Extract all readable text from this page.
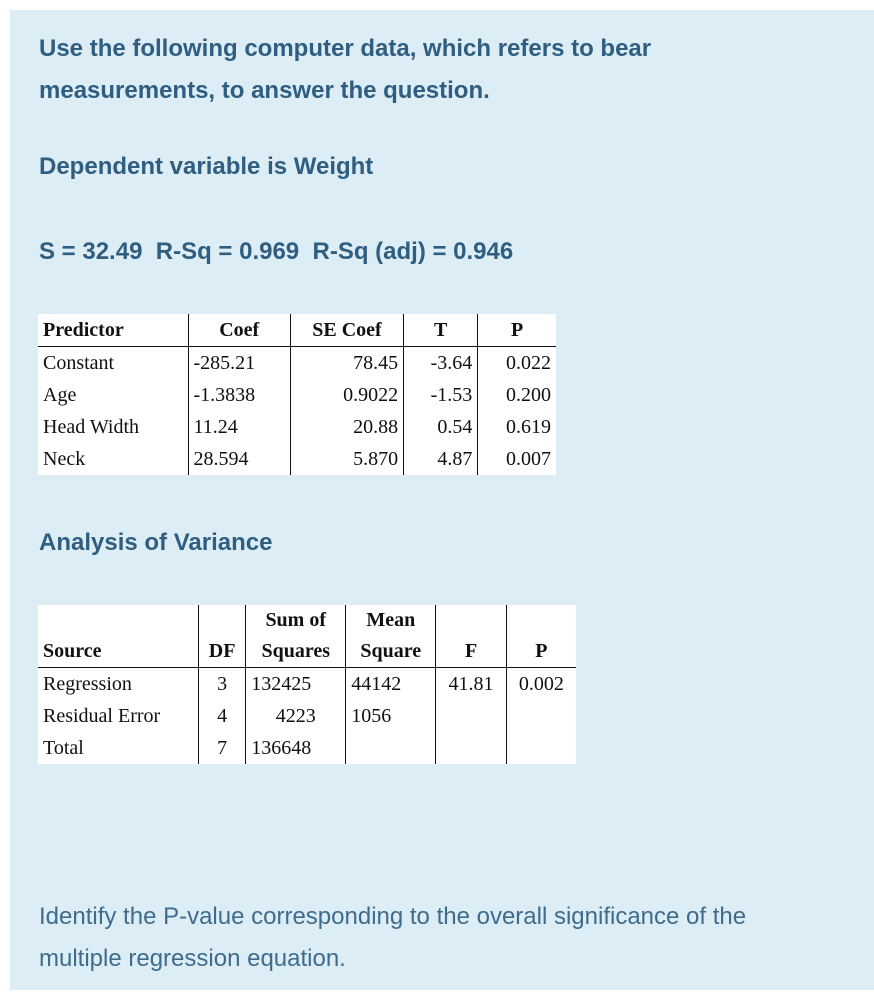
Use the following computer data, which refers to bear

measurements, to answer the question.

Dependent variable is Weight

S = 32.49  R-Sq = 0.969  R-Sq (adj) = 0.946

Predictor	Coef	SE Coef	T	P
Constant	-285.21	78.45	-3.64	0.022
Age	-1.3838	0.9022	-1.53	0.200
Head Width	11.24	20.88	0.54	0.619
Neck	28.594	5.870	4.87	0.007

Analysis of Variance

		Sum of	Mean		
Source	DF	Squares	Square	F	P
Regression	3	132425	44142	41.81	0.002
Residual Error	4	4223	1056		
Total	7	136648			

Identify the P-value corresponding to the overall significance of the

multiple regression equation.
